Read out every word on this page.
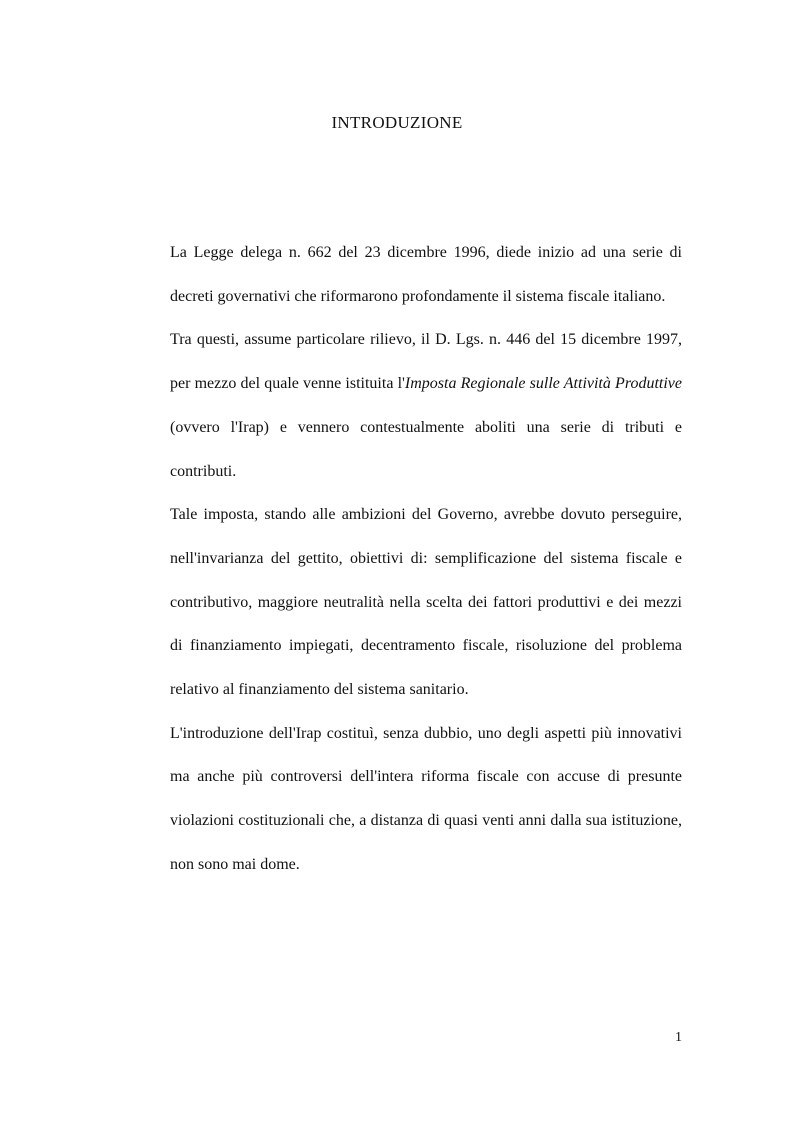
INTRODUZIONE

La Legge delega n. 662 del 23 dicembre 1996, diede inizio ad una serie di decreti governativi che riformarono profondamente il sistema fiscale italiano.

Tra questi, assume particolare rilievo, il D. Lgs. n. 446 del 15 dicembre 1997, per mezzo del quale venne istituita l'Imposta Regionale sulle Attività Produttive (ovvero l'Irap) e vennero contestualmente aboliti una serie di tributi e contributi.

Tale imposta, stando alle ambizioni del Governo, avrebbe dovuto perseguire, nell'invarianza del gettito, obiettivi di: semplificazione del sistema fiscale e contributivo, maggiore neutralità nella scelta dei fattori produttivi e dei mezzi di finanziamento impiegati, decentramento fiscale, risoluzione del problema relativo al finanziamento del sistema sanitario.

L'introduzione dell'Irap costituì, senza dubbio, uno degli aspetti più innovativi ma anche più controversi dell'intera riforma fiscale con accuse di presunte violazioni costituzionali che, a distanza di quasi venti anni dalla sua istituzione, non sono mai dome.

1
